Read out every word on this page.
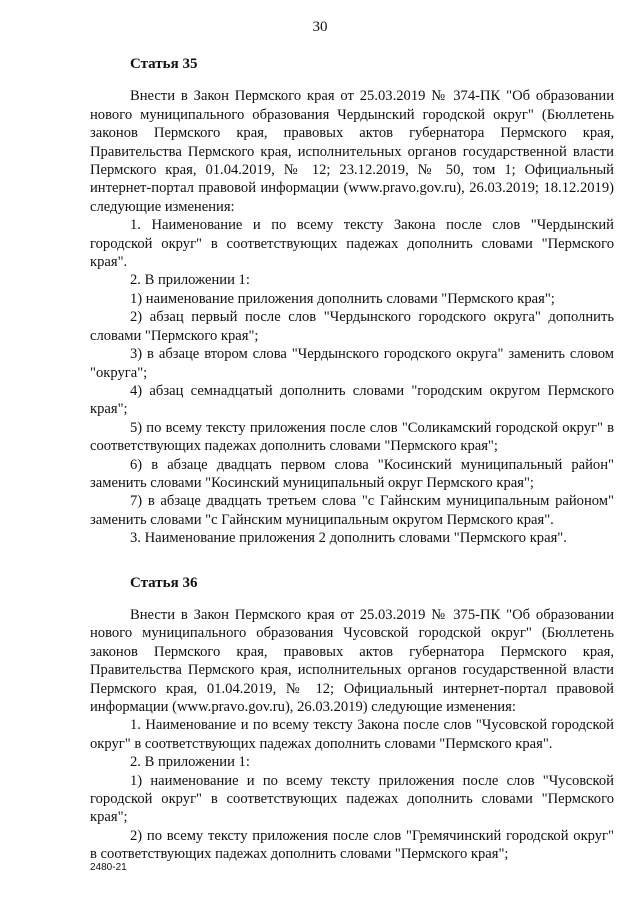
30
Статья 35

Внести в Закон Пермского края от 25.03.2019 № 374-ПК "Об образовании нового муниципального образования Чердынский городской округ" (Бюллетень законов Пермского края, правовых актов губернатора Пермского края, Правительства Пермского края, исполнительных органов государственной власти Пермского края, 01.04.2019, № 12; 23.12.2019, № 50, том 1; Официальный интернет-портал правовой информации (www.pravo.gov.ru), 26.03.2019; 18.12.2019) следующие изменения:

1. Наименование и по всему тексту Закона после слов "Чердынский городской округ" в соответствующих падежах дополнить словами "Пермского края".

2. В приложении 1:

1) наименование приложения дополнить словами "Пермского края";

2) абзац первый после слов "Чердынского городского округа" дополнить словами "Пермского края";

3) в абзаце втором слова "Чердынского городского округа" заменить словом "округа";

4) абзац семнадцатый дополнить словами "городским округом Пермского края";

5) по всему тексту приложения после слов "Соликамский городской округ" в соответствующих падежах дополнить словами "Пермского края";

6) в абзаце двадцать первом слова "Косинский муниципальный район" заменить словами "Косинский муниципальный округ Пермского края";

7) в абзаце двадцать третьем слова "с Гайнским муниципальным районом" заменить словами "с Гайнским муниципальным округом Пермского края".

3. Наименование приложения 2 дополнить словами "Пермского края".

Статья 36

Внести в Закон Пермского края от 25.03.2019 № 375-ПК "Об образовании нового муниципального образования Чусовской городской округ" (Бюллетень законов Пермского края, правовых актов губернатора Пермского края, Правительства Пермского края, исполнительных органов государственной власти Пермского края, 01.04.2019, № 12; Официальный интернет-портал правовой информации (www.pravo.gov.ru), 26.03.2019) следующие изменения:

1. Наименование и по всему тексту Закона после слов "Чусовской городской округ" в соответствующих падежах дополнить словами "Пермского края".

2. В приложении 1:

1) наименование и по всему тексту приложения после слов "Чусовской городской округ" в соответствующих падежах дополнить словами "Пермского края";

2) по всему тексту приложения после слов "Гремячинский городской округ" в соответствующих падежах дополнить словами "Пермского края";

2480-21
